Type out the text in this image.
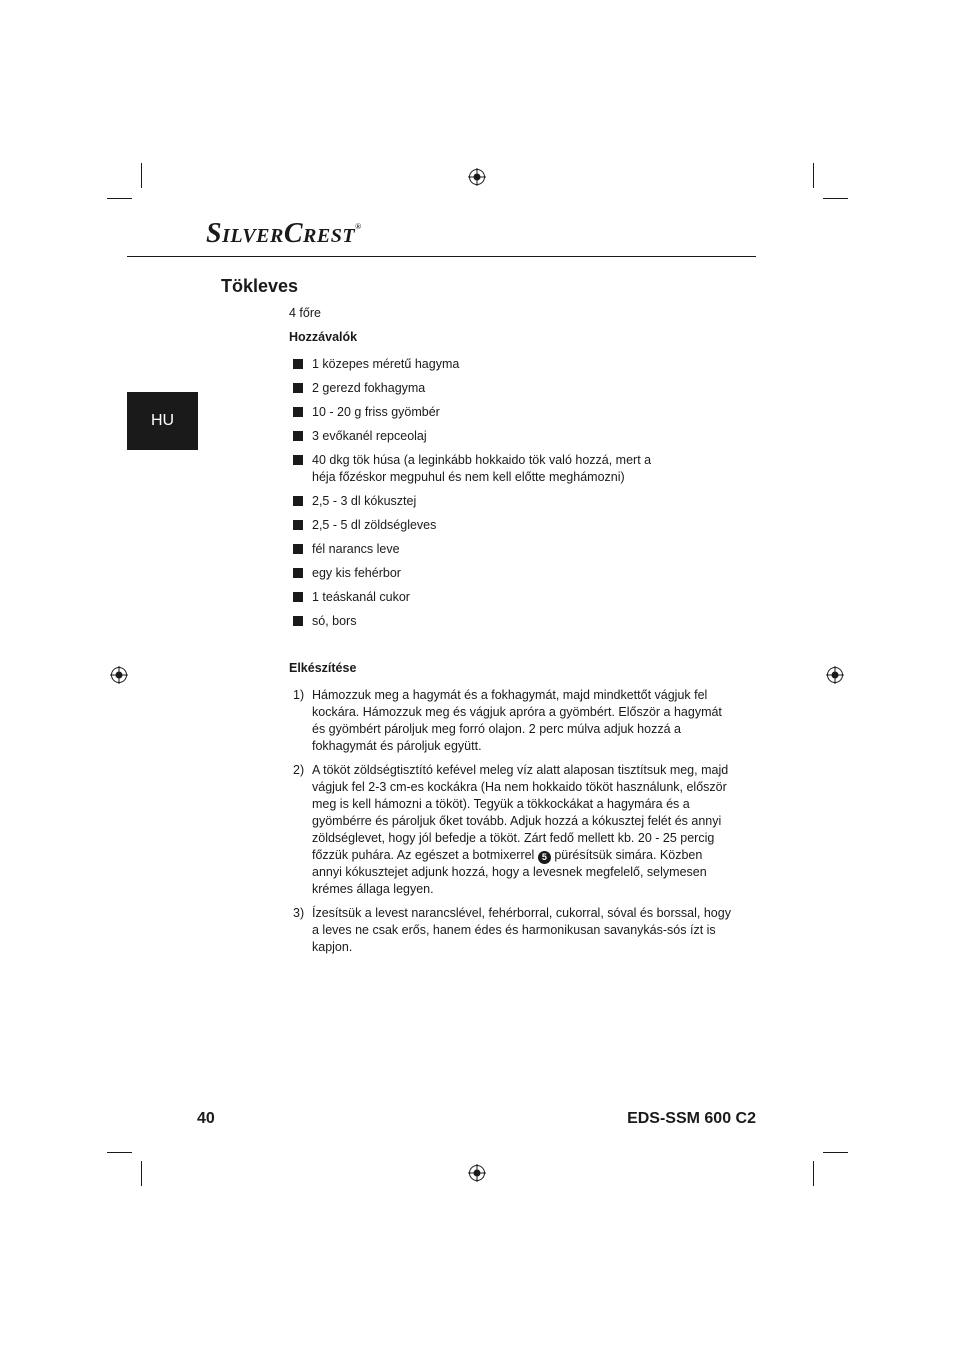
SILVERCREST®
Tökleves
HU
4 főre
Hozzávalók
1 közepes méretű hagyma
2 gerezd fokhagyma
10 - 20 g friss gyömbér
3 evőkanél repceolaj
40 dkg tök húsa (a leginkább hokkaido tök való hozzá, mert a héja főzéskor megpuhul és nem kell előtte meghámozni)
2,5 - 3 dl kókusztej
2,5 - 5 dl zöldségleves
fél narancs leve
egy kis fehérbor
1 teáskanál cukor
só, bors
Elkészítése
1) Hámozzuk meg a hagymát és a fokhagymát, majd mindkettőt vágjuk fel kockára. Hámozzuk meg és vágjuk apróra a gyömbért. Először a hagymát és gyömbért pároljuk meg forró olajon. 2 perc múlva adjuk hozzá a fokhagymát és pároljuk együtt.
2) A tököt zöldségtisztító kefével meleg víz alatt alaposan tisztítsuk meg, majd vágjuk fel 2-3 cm-es kockákra (Ha nem hokkaido tököt használunk, először meg is kell hámozni a tököt). Tegyük a tökkockákat a hagymára és a gyömbérre és pároljuk őket tovább. Adjuk hozzá a kókusztej felét és annyi zöldséglevet, hogy jól befedje a tököt. Zárt fedő mellett kb. 20 - 25 percig főzzük puhára. Az egészet a botmixerrel 5 pürésítsük simára. Közben annyi kókusztejet adjunk hozzá, hogy a levesnek megfelelő, selymesen krémes állaga legyen.
3) Ízesítsük a levest narancslével, fehérborral, cukorral, sóval és borssal, hogy a leves ne csak erős, hanem édes és harmonikusan savanykás-sós ízt is kapjon.
40	EDS-SSM 600 C2
